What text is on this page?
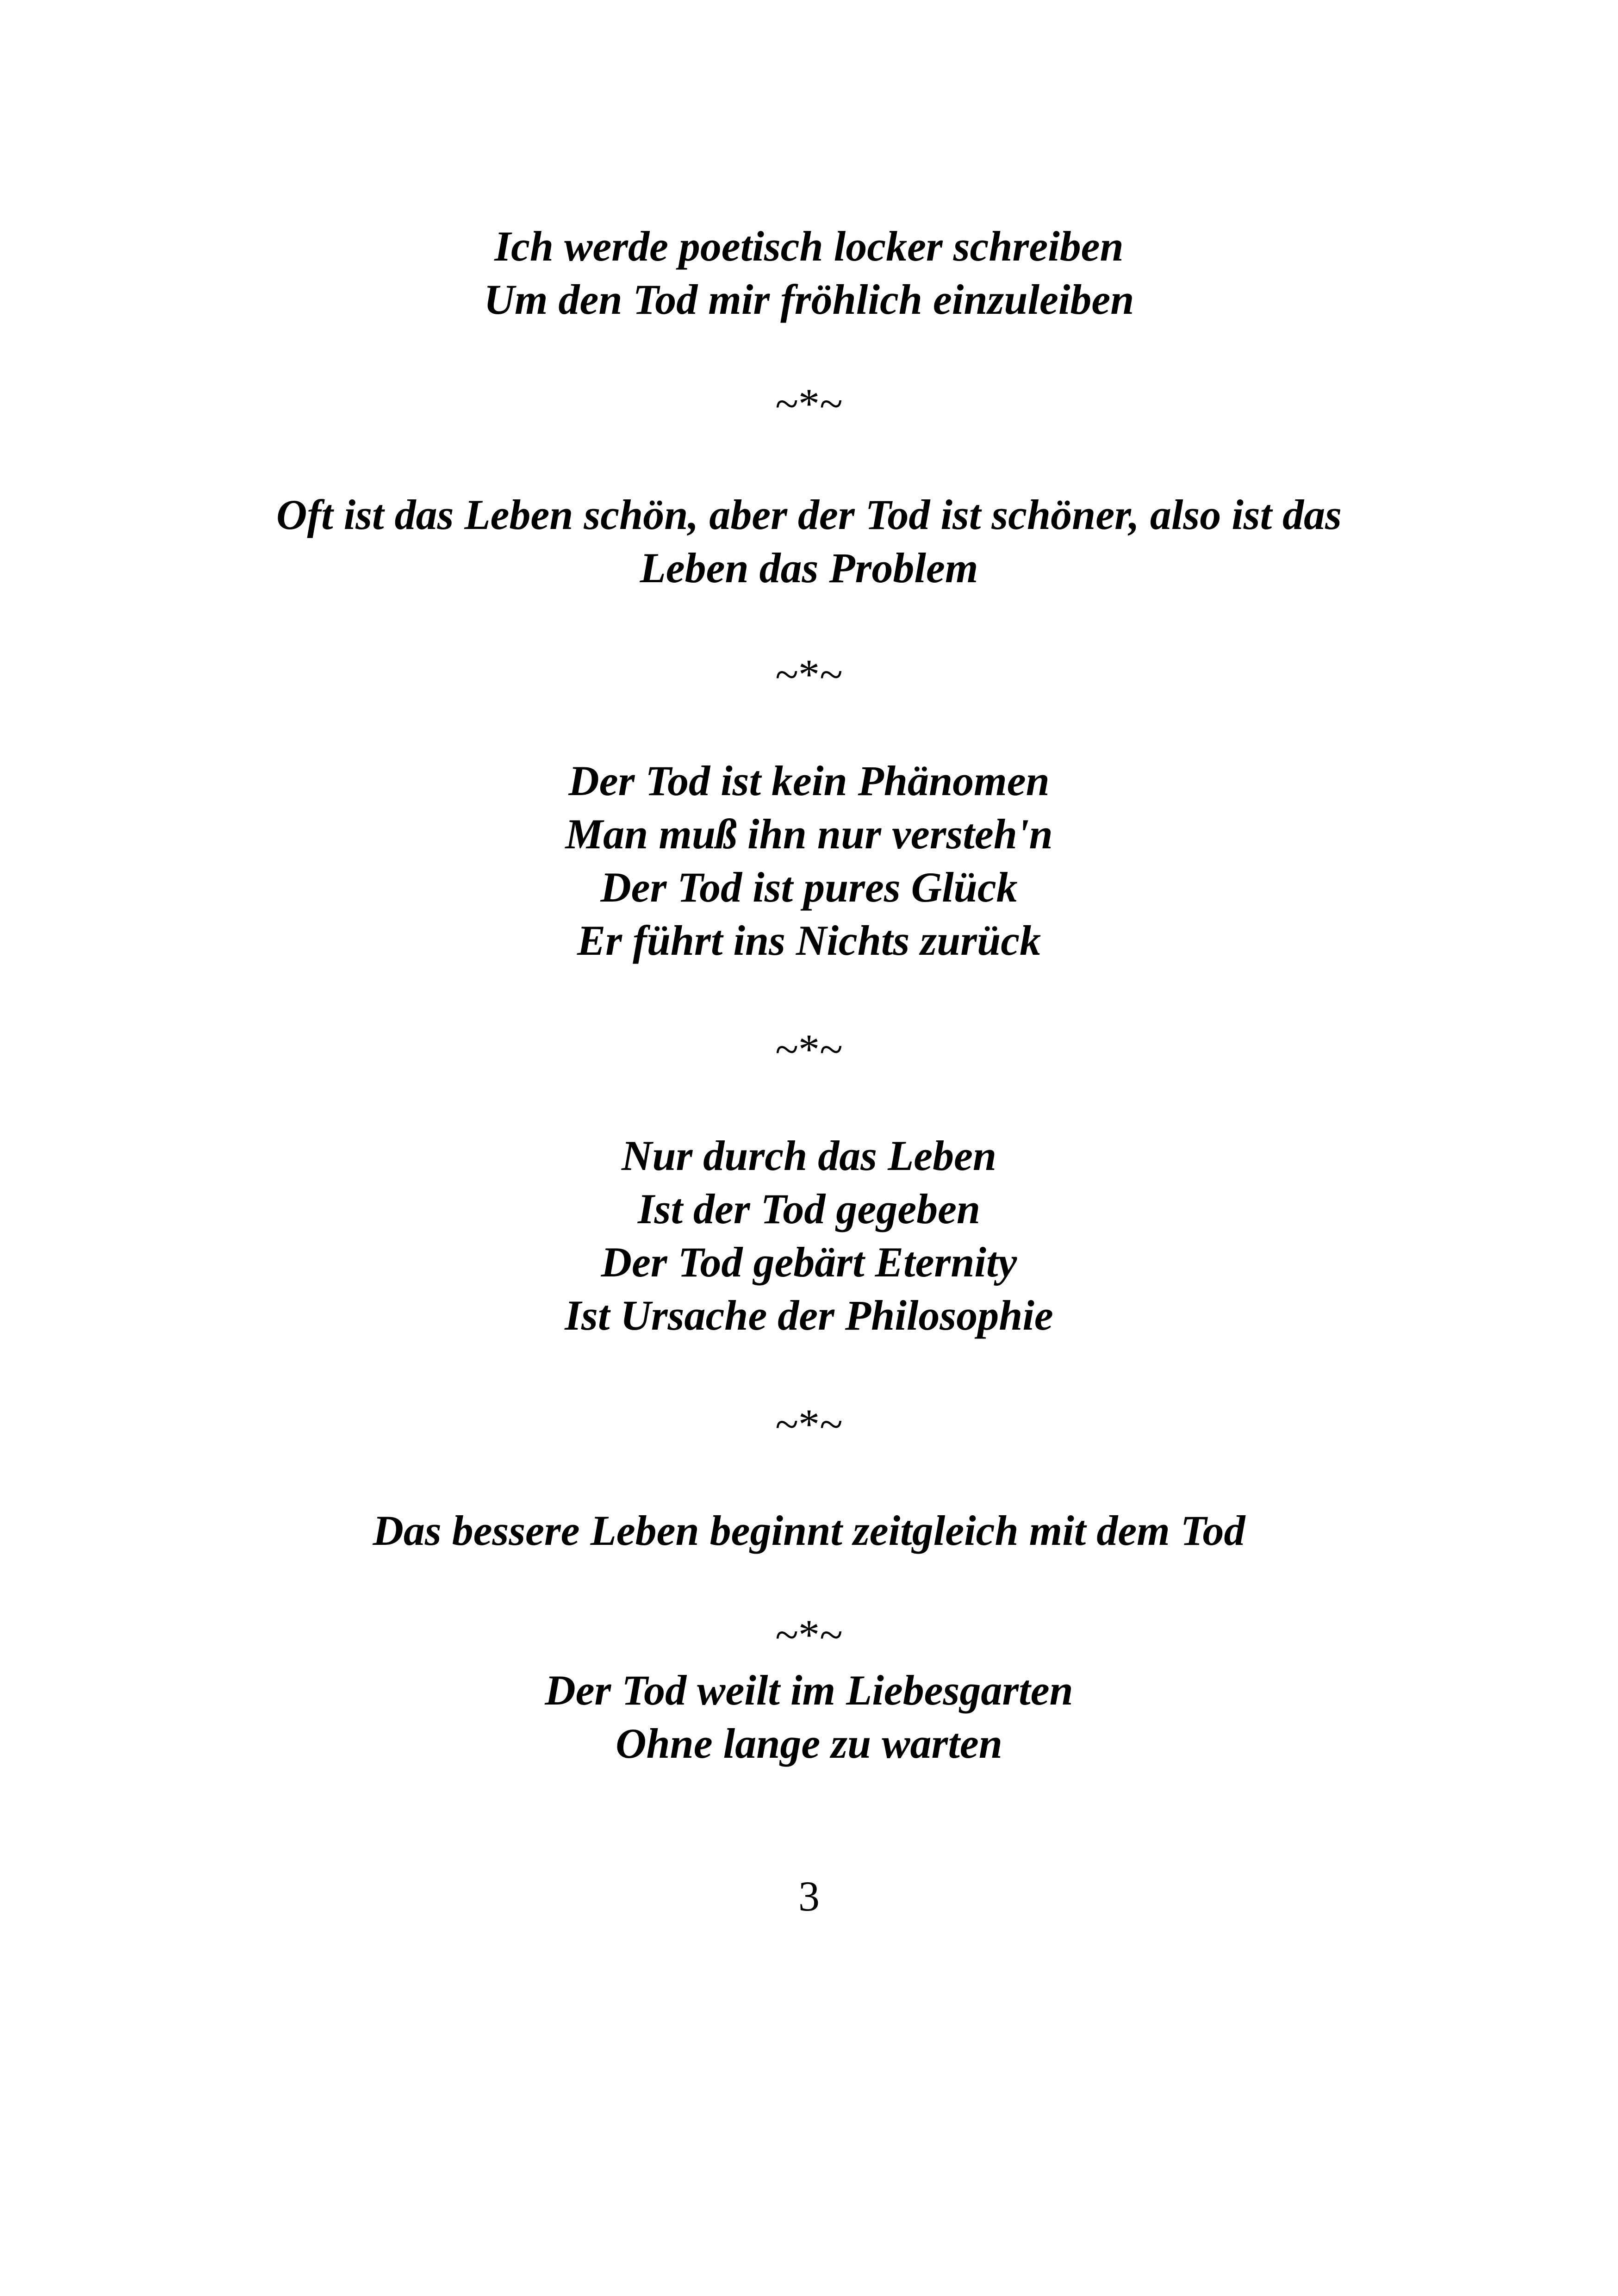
Ich werde poetisch locker schreiben
Um den Tod mir fröhlich einzuleiben
~*~
Oft ist das Leben schön, aber der Tod ist schöner, also ist das
Leben das Problem
~*~
Der Tod ist kein Phänomen
Man muß ihn nur versteh'n
Der Tod ist pures Glück
Er führt ins Nichts zurück
~*~
Nur durch das Leben
Ist der Tod gegeben
Der Tod gebärt Eternity
Ist Ursache der Philosophie
~*~
Das bessere Leben beginnt zeitgleich mit dem Tod
~*~
Der Tod weilt im Liebesgarten
Ohne lange zu warten
3
